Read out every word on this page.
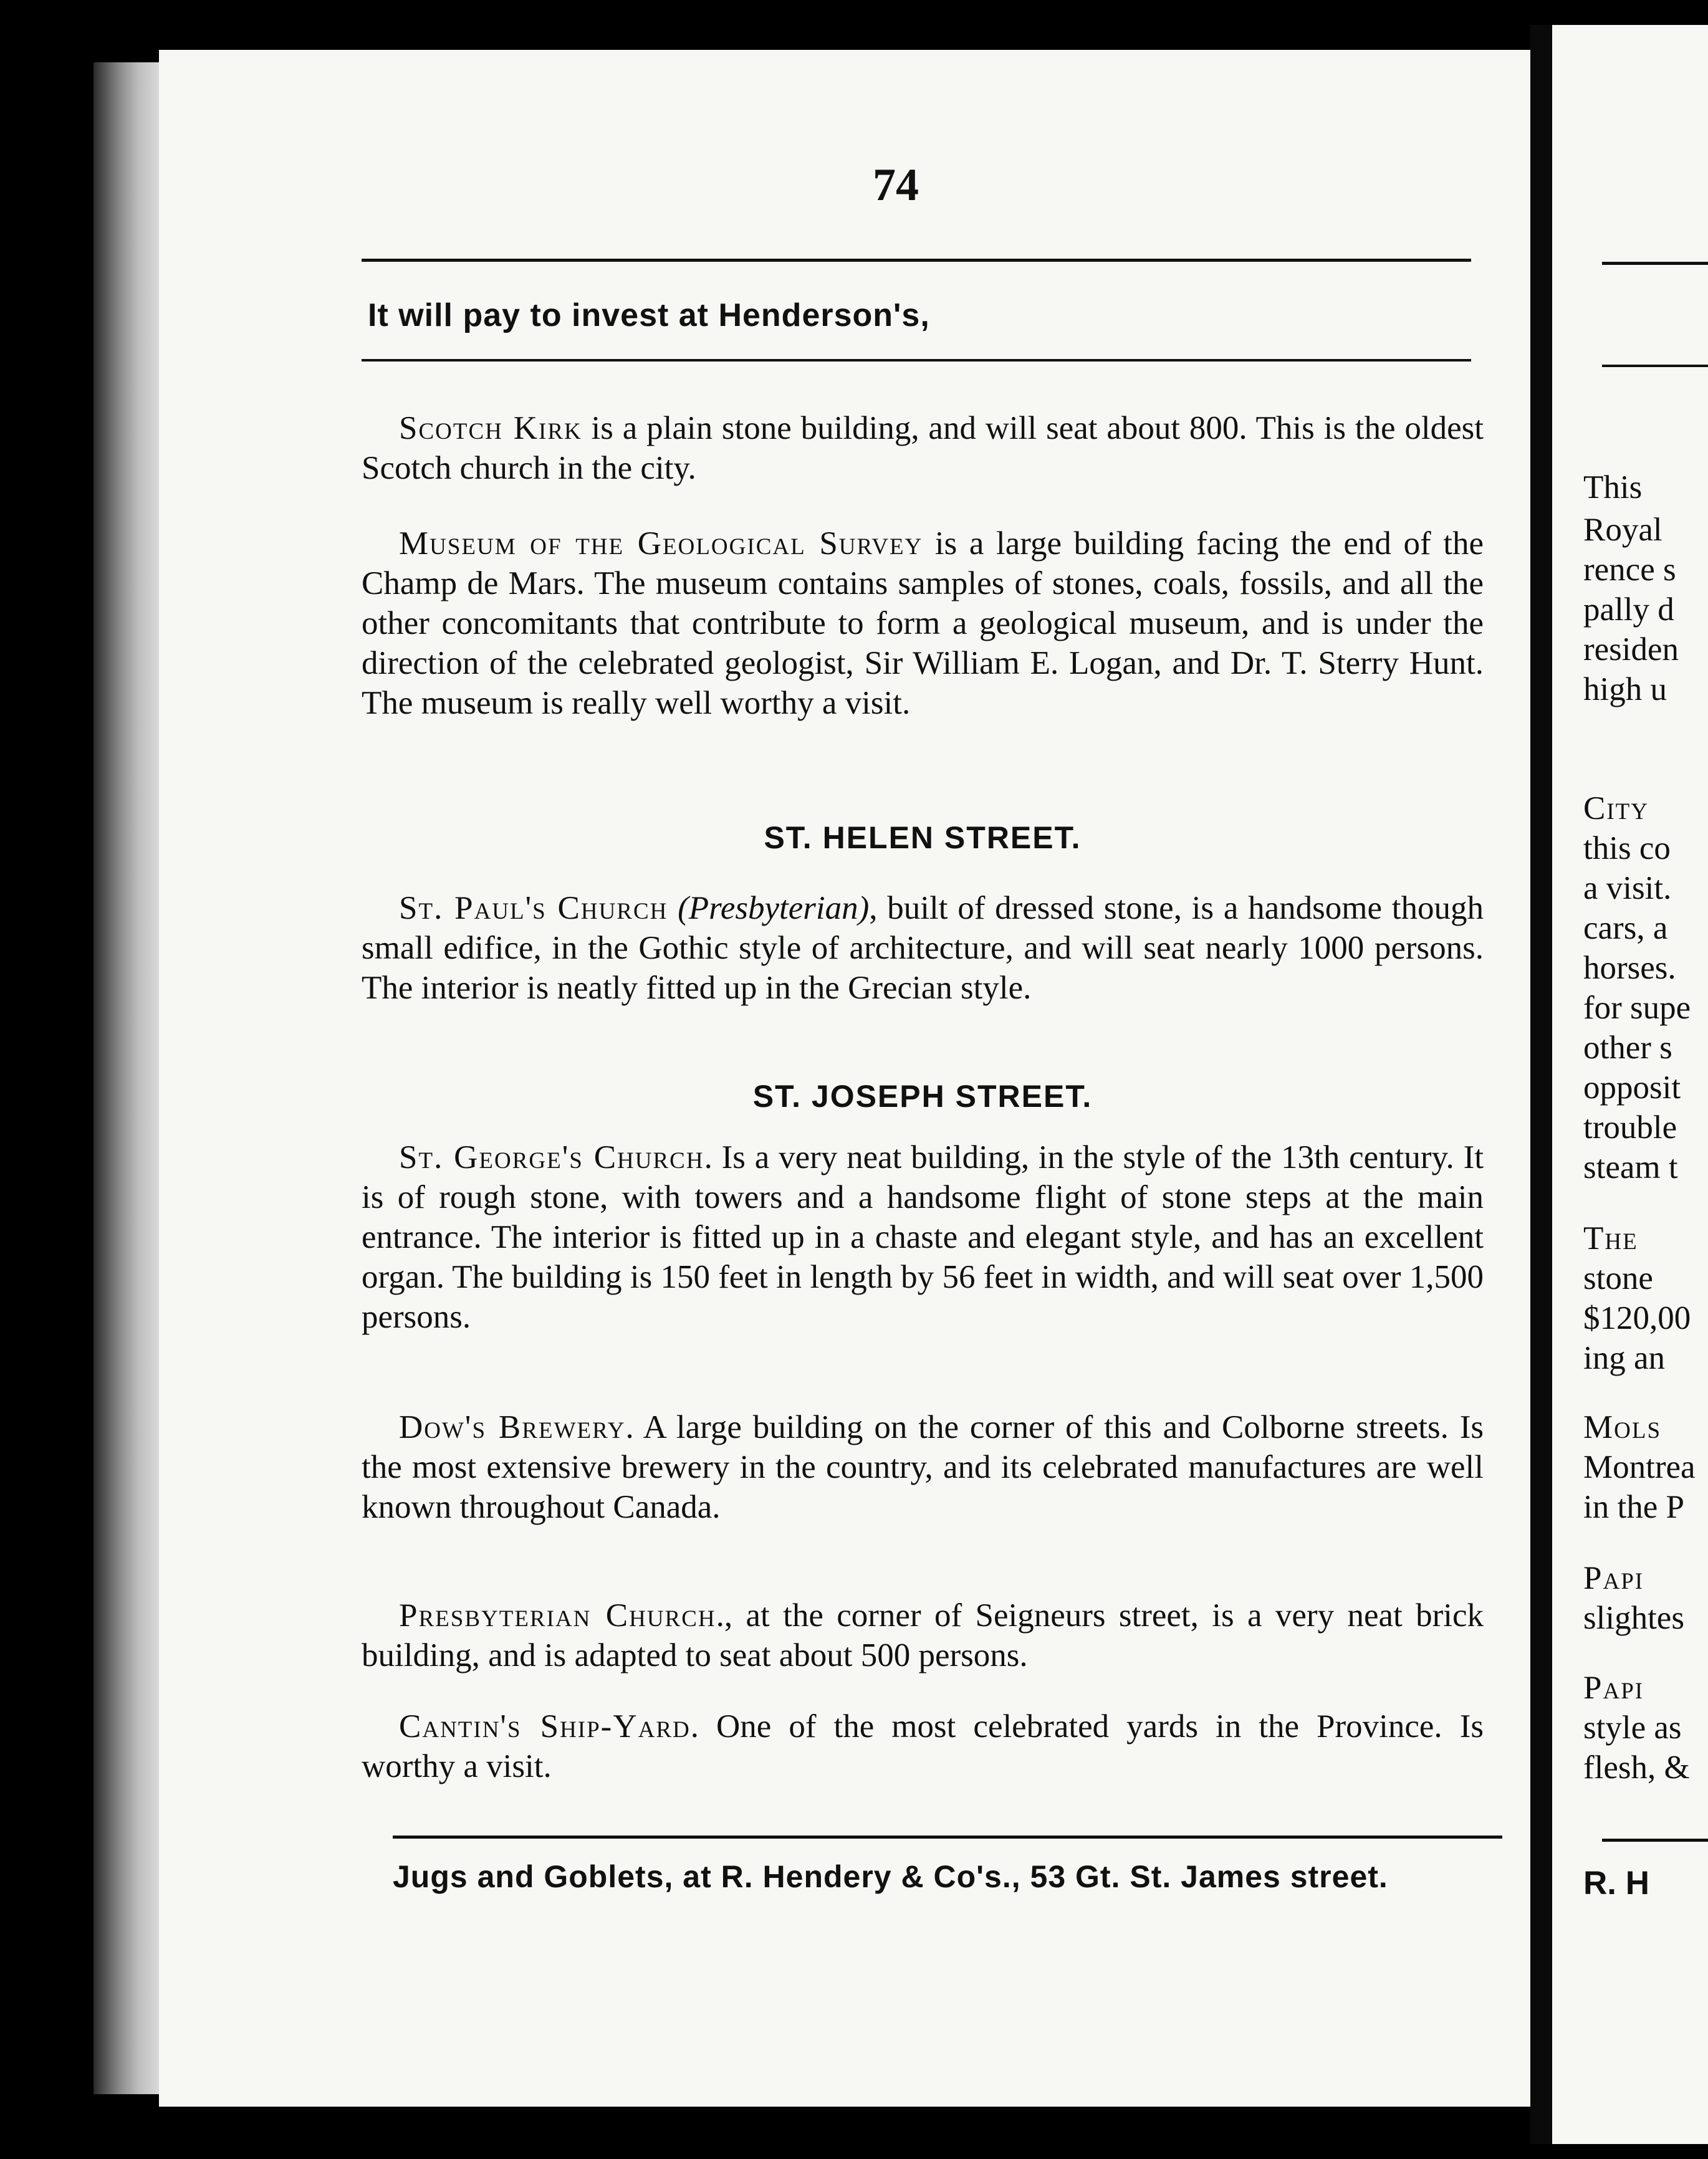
74
It will pay to invest at Henderson's,

Scotch Kirk is a plain stone building, and will seat about 800. This is the oldest Scotch church in the city.

Museum of the Geological Survey is a large building facing the end of the Champ de Mars. The museum contains samples of stones, coals, fossils, and all the other concomitants that contribute to form a geological museum, and is under the direction of the celebrated geologist, Sir William E. Logan, and Dr. T. Sterry Hunt. The museum is really well worthy a visit.

ST. HELEN STREET.

St. Paul's Church (Presbyterian), built of dressed stone, is a handsome though small edifice, in the Gothic style of architecture, and will seat nearly 1000 persons. The interior is neatly fitted up in the Grecian style.

ST. JOSEPH STREET.

St. George's Church. Is a very neat building, in the style of the 13th century. It is of rough stone, with towers and a handsome flight of stone steps at the main entrance. The interior is fitted up in a chaste and elegant style, and has an excellent organ. The building is 150 feet in length by 56 feet in width, and will seat over 1,500 persons.

Dow's Brewery. A large building on the corner of this and Colborne streets. Is the most extensive brewery in the country, and its celebrated manufactures are well known throughout Canada.

Presbyterian Church., at the corner of Seigneurs street, is a very neat brick building, and is adapted to seat about 500 persons.

Cantin's Ship-Yard. One of the most celebrated yards in the Province. Is worthy a visit.

Jugs and Goblets, at R. Hendery & Co's., 53 Gt. St. James street.
This
Royal
rence s
pally d
residen
high u
City
this co
a visit.
cars, a
horses.
for supe
other s
opposit
trouble
steam t
The
stone
$120,00
ing an
Mols
Montrea
in the P
Papi
slightes
Papi
style as
flesh, &
R. H
